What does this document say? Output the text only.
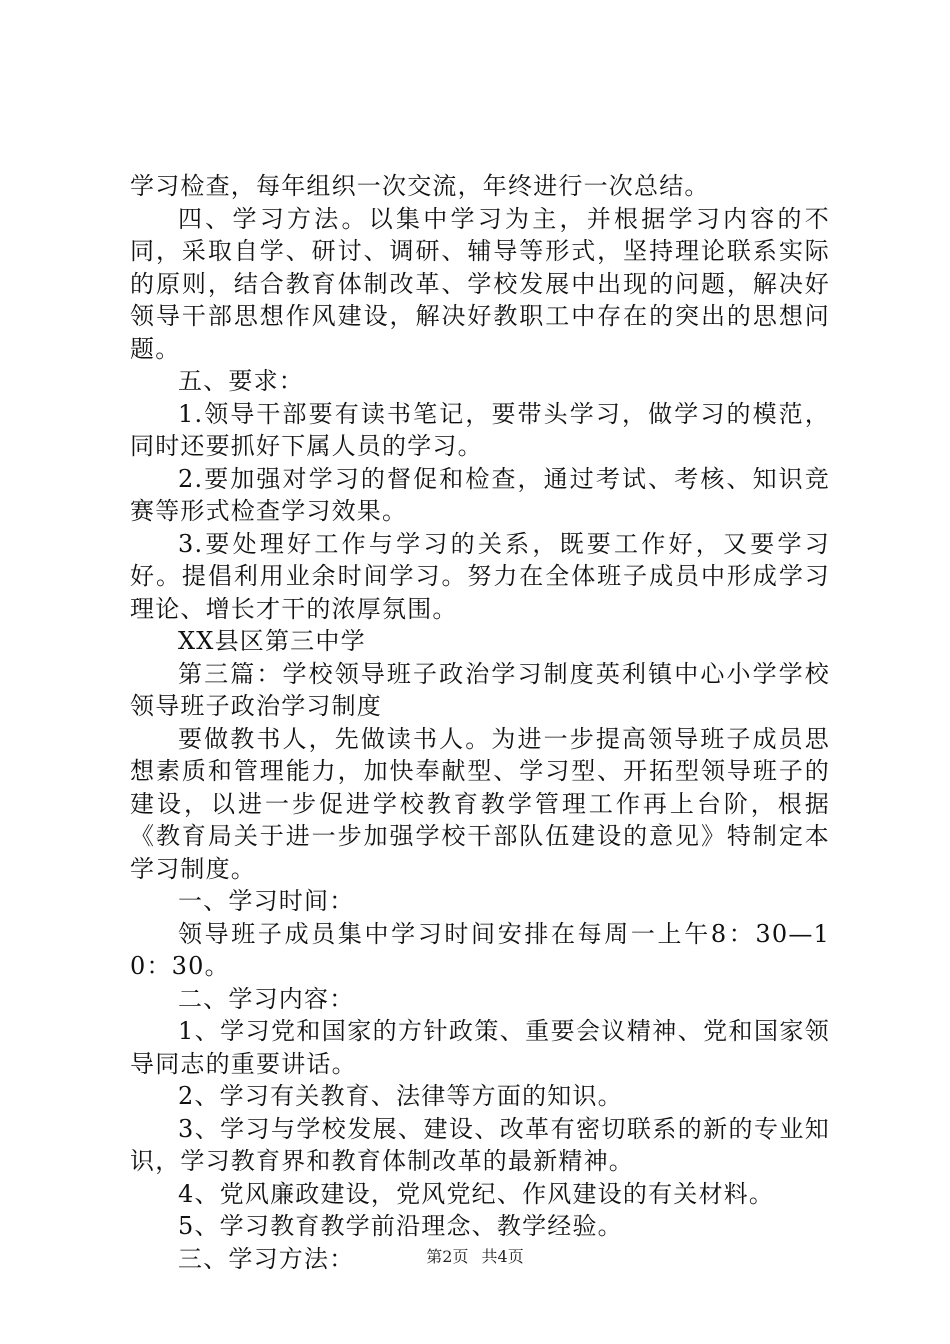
学习检查，每年组织一次交流，年终进行一次总结。

四、学习方法。以集中学习为主，并根据学习内容的不同，采取自学、研讨、调研、辅导等形式，坚持理论联系实际的原则，结合教育体制改革、学校发展中出现的问题，解决好领导干部思想作风建设，解决好教职工中存在的突出的思想问题。

五、要求：

1.领导干部要有读书笔记，要带头学习，做学习的模范，同时还要抓好下属人员的学习。

2.要加强对学习的督促和检查，通过考试、考核、知识竞赛等形式检查学习效果。

3.要处理好工作与学习的关系，既要工作好，又要学习好。提倡利用业余时间学习。努力在全体班子成员中形成学习理论、增长才干的浓厚氛围。

XX县区第三中学

第三篇：学校领导班子政治学习制度英利镇中心小学学校领导班子政治学习制度

要做教书人，先做读书人。为进一步提高领导班子成员思想素质和管理能力，加快奉献型、学习型、开拓型领导班子的建设，以进一步促进学校教育教学管理工作再上台阶，根据《教育局关于进一步加强学校干部队伍建设的意见》特制定本学习制度。

一、学习时间：

领导班子成员集中学习时间安排在每周一上午8：30—10：30。

二、学习内容：

1、学习党和国家的方针政策、重要会议精神、党和国家领导同志的重要讲话。

2、学习有关教育、法律等方面的知识。

3、学习与学校发展、建设、改革有密切联系的新的专业知识，学习教育界和教育体制改革的最新精神。

4、党风廉政建设，党风党纪、作风建设的有关材料。

5、学习教育教学前沿理念、教学经验。

三、学习方法：	第2页 共4页
